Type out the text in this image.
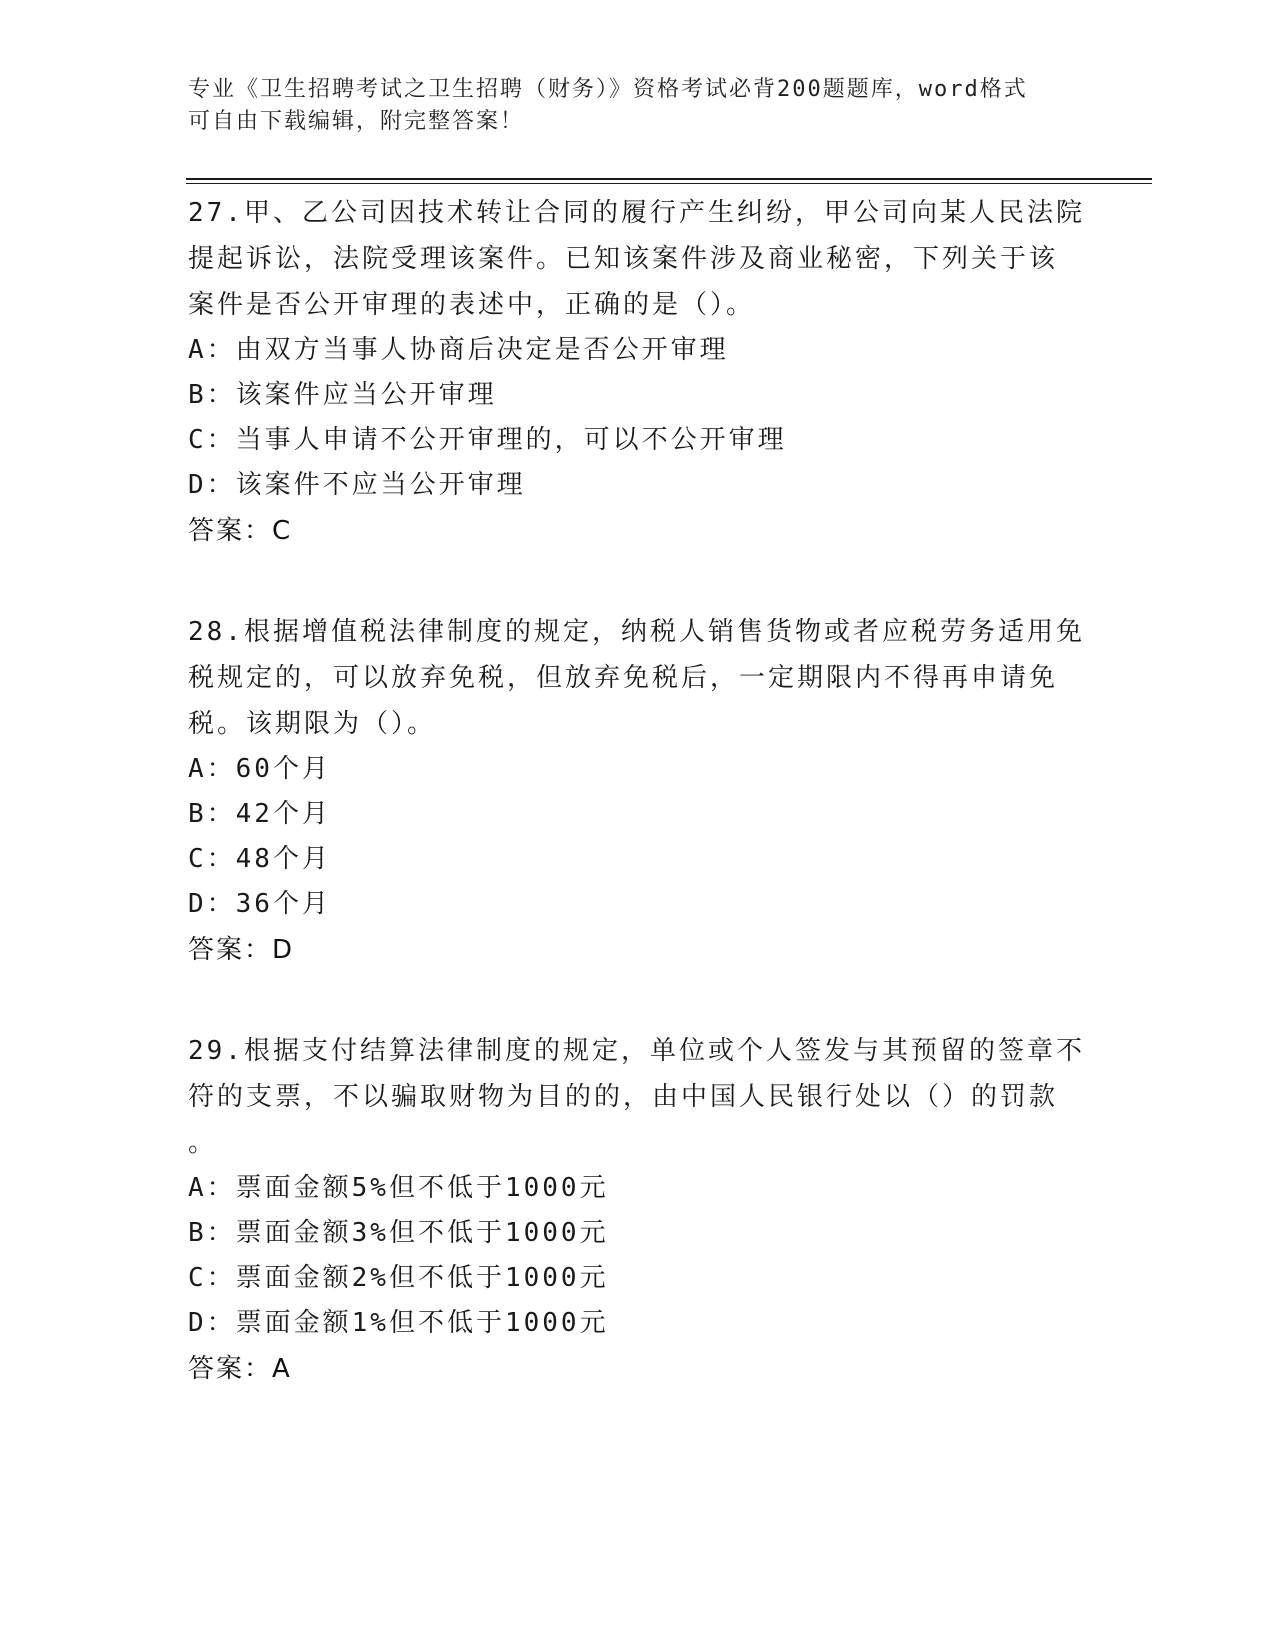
专业《卫生招聘考试之卫生招聘（财务）》资格考试必背200题题库，word格式
可自由下载编辑，附完整答案！
27.甲、乙公司因技术转让合同的履行产生纠纷，甲公司向某人民法院
提起诉讼，法院受理该案件。已知该案件涉及商业秘密，下列关于该
案件是否公开审理的表述中，正确的是（）。
A：由双方当事人协商后决定是否公开审理
B：该案件应当公开审理
C：当事人申请不公开审理的，可以不公开审理
D：该案件不应当公开审理
答案：C
28.根据增值税法律制度的规定，纳税人销售货物或者应税劳务适用免
税规定的，可以放弃免税，但放弃免税后，一定期限内不得再申请免
税。该期限为（）。
A：60个月
B：42个月
C：48个月
D：36个月
答案：D
29.根据支付结算法律制度的规定，单位或个人签发与其预留的签章不
符的支票，不以骗取财物为目的的，由中国人民银行处以（）的罚款
。
A：票面金额5%但不低于1000元
B：票面金额3%但不低于1000元
C：票面金额2%但不低于1000元
D：票面金额1%但不低于1000元
答案：A
